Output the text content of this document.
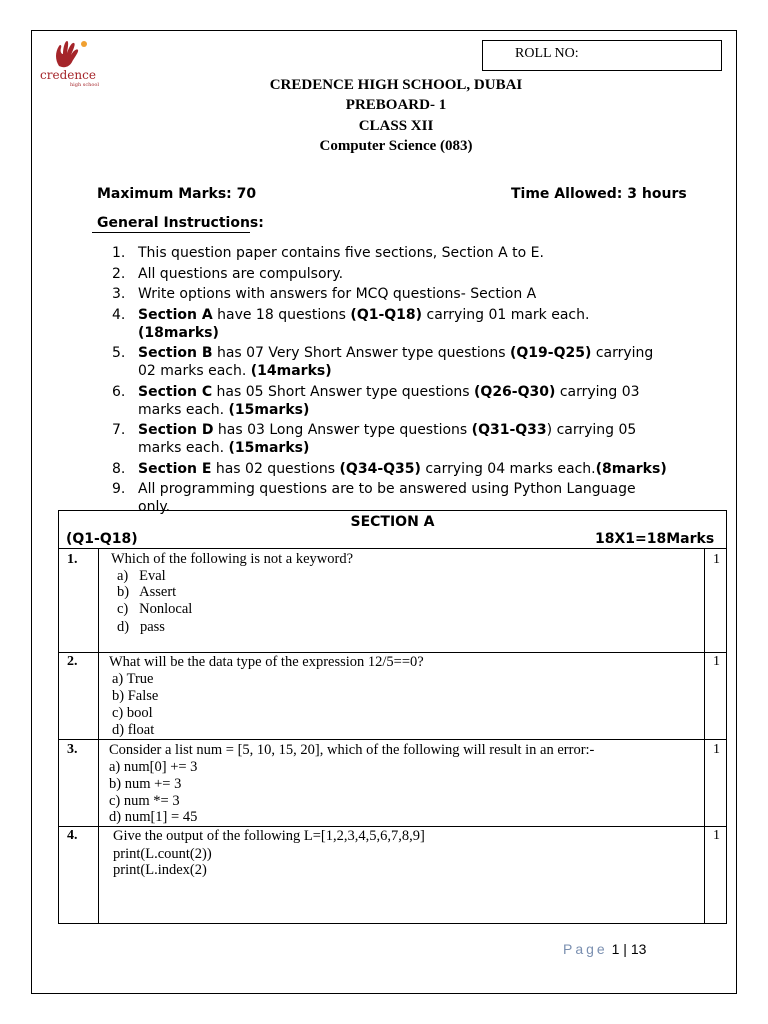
credence
high school
ROLL NO:
CREDENCE HIGH SCHOOL, DUBAI
PREBOARD- 1
CLASS XII
Computer Science (083)
Maximum Marks: 70	Time Allowed: 3 hours
General Instructions:
1. This question paper contains five sections, Section A to E.
2. All questions are compulsory.
3. Write options with answers for MCQ questions- Section A
4. Section A have 18 questions (Q1-Q18) carrying 01 mark each. (18marks)
5. Section B has 07 Very Short Answer type questions (Q19-Q25) carrying 02 marks each. (14marks)
6. Section C has 05 Short Answer type questions (Q26-Q30) carrying 03 marks each. (15marks)
7. Section D has 03 Long Answer type questions (Q31-Q33) carrying 05 marks each. (15marks)
8. Section E has 02 questions (Q34-Q35) carrying 04 marks each.(8marks)
9. All programming questions are to be answered using Python Language only.
SECTION A
(Q1-Q18)	18X1=18Marks
1. Which of the following is not a keyword?
a)   Eval
b)   Assert
c)   Nonlocal
d)   pass
1
2. What will be the data type of the expression 12/5==0?
a) True
b) False
c) bool
d) float
1
3. Consider a list num = [5, 10, 15, 20], which of the following will result in an error:-
a) num[0] += 3
b) num += 3
c) num *= 3
d) num[1] = 45
1
4. Give the output of the following L=[1,2,3,4,5,6,7,8,9]
print(L.count(2))
print(L.index(2)
1
Page 1 | 13
